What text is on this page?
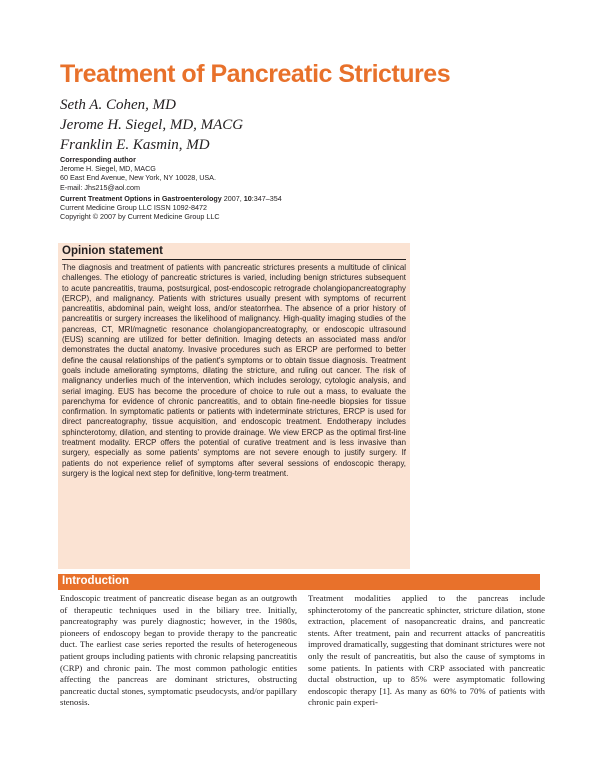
Treatment of Pancreatic Strictures
Seth A. Cohen, MD
Jerome H. Siegel, MD, MACG
Franklin E. Kasmin, MD
Corresponding author
Jerome H. Siegel, MD, MACG
60 East End Avenue, New York, NY 10028, USA.
E-mail: Jhs215@aol.com
Current Treatment Options in Gastroenterology 2007, 10:347–354
Current Medicine Group LLC ISSN 1092-8472
Copyright © 2007 by Current Medicine Group LLC
Opinion statement

The diagnosis and treatment of patients with pancreatic strictures presents a multitude of clinical challenges. The etiology of pancreatic strictures is varied, including benign strictures subsequent to acute pancreatitis, trauma, postsurgical, post-endoscopic retrograde cholangiopancreatography (ERCP), and malignancy. Patients with strictures usually present with symptoms of recurrent pancreatitis, abdominal pain, weight loss, and/or steatorrhea. The absence of a prior history of pancreatitis or surgery increases the likelihood of malignancy. High-quality imaging studies of the pancreas, CT, MRI/magnetic resonance cholangiopancreatography, or endoscopic ultrasound (EUS) scanning are utilized for better definition. Imaging detects an associated mass and/or demonstrates the ductal anatomy. Invasive procedures such as ERCP are performed to better define the causal relationships of the patient's symptoms or to obtain tissue diagnosis. Treatment goals include ameliorating symptoms, dilating the stricture, and ruling out cancer. The risk of malignancy underlies much of the intervention, which includes serology, cytologic analysis, and serial imaging. EUS has become the procedure of choice to rule out a mass, to evaluate the parenchyma for evidence of chronic pancreatitis, and to obtain fine-needle biopsies for tissue confirmation. In symptomatic patients or patients with indeterminate strictures, ERCP is used for direct pancreatography, tissue acquisition, and endoscopic treatment. Endotherapy includes sphincterotomy, dilation, and stenting to provide drainage. We view ERCP as the optimal first-line treatment modality. ERCP offers the potential of curative treatment and is less invasive than surgery, especially as some patients' symptoms are not severe enough to justify surgery. If patients do not experience relief of symptoms after several sessions of endoscopic therapy, surgery is the logical next step for definitive, long-term treatment.

Introduction

Endoscopic treatment of pancreatic disease began as an outgrowth of therapeutic techniques used in the biliary tree. Initially, pancreatography was purely diagnostic; however, in the 1980s, pioneers of endoscopy began to provide therapy to the pancreatic duct. The earliest case series reported the results of heterogeneous patient groups including patients with chronic relapsing pancreatitis (CRP) and chronic pain. The most common pathologic entities affecting the pancreas are dominant strictures, obstructing pancreatic ductal stones, symptomatic pseudocysts, and/or papillary stenosis.

Treatment modalities applied to the pancreas include sphincterotomy of the pancreatic sphincter, stricture dilation, stone extraction, placement of nasopancreatic drains, and pancreatic stents. After treatment, pain and recurrent attacks of pancreatitis improved dramatically, suggesting that dominant strictures were not only the result of pancreatitis, but also the cause of symptoms in some patients. In patients with CRP associated with pancreatic ductal obstruction, up to 85% were asymptomatic following endoscopic therapy [1]. As many as 60% to 70% of patients with chronic pain experi-
